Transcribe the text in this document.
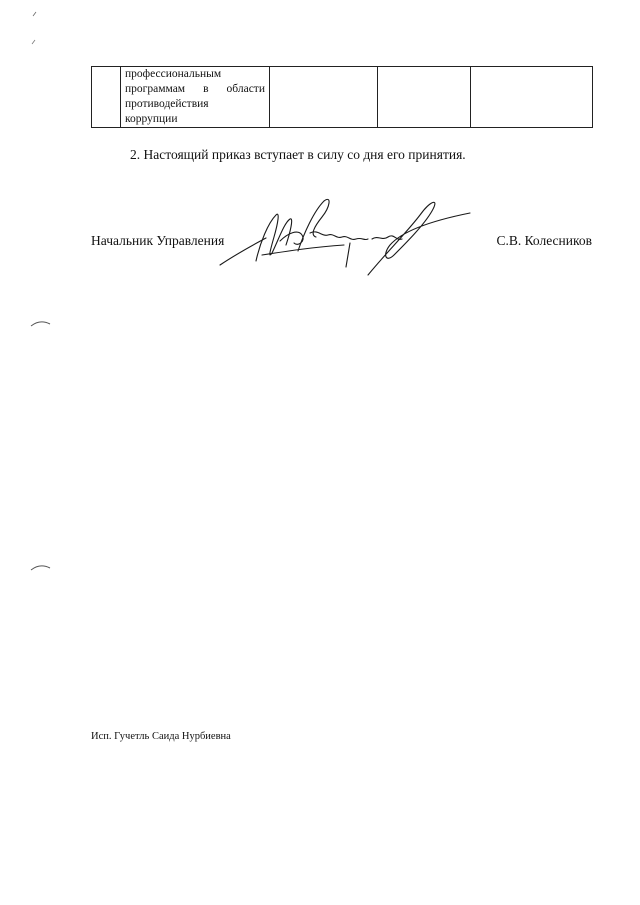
профессиональным
программам в области
противодействия
коррупции

2. Настоящий приказ вступает в силу со дня его принятия.
Начальник Управления	С.В. Колесников
Исп. Гучетль Саида Нурбиевна
